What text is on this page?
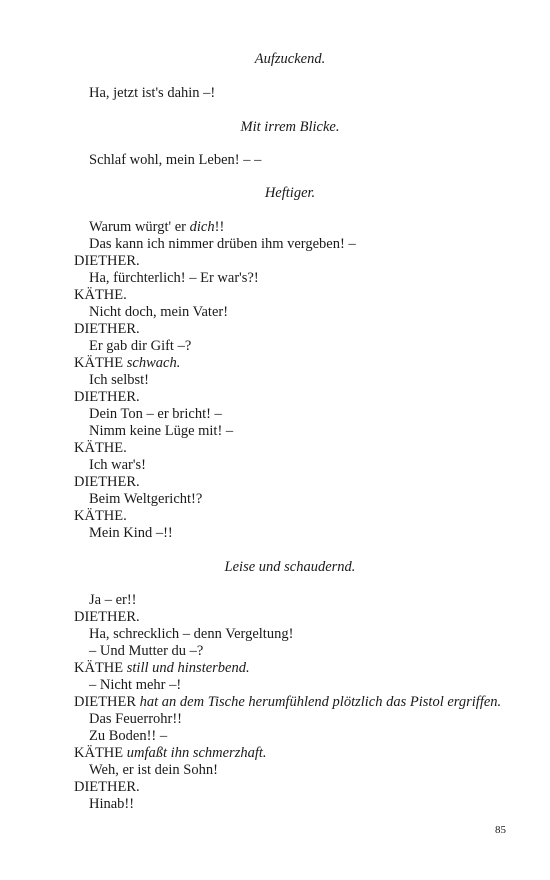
Aufzuckend.
Ha, jetzt ist's dahin –!
Mit irrem Blicke.
Schlaf wohl, mein Leben! – –
Heftiger.
Warum würgt' er dich!!
Das kann ich nimmer drüben ihm vergeben! –
DIETHER.
Ha, fürchterlich! – Er war's?!
KÄTHE.
Nicht doch, mein Vater!
DIETHER.
Er gab dir Gift –?
KÄTHE schwach.
Ich selbst!
DIETHER.
Dein Ton – er bricht! –
Nimm keine Lüge mit! –
KÄTHE.
Ich war's!
DIETHER.
Beim Weltgericht!?
KÄTHE.
Mein Kind –!!
Leise und schaudernd.
Ja – er!!
DIETHER.
Ha, schrecklich – denn Vergeltung!
– Und Mutter du –?
KÄTHE still und hinsterbend.
– Nicht mehr –!
DIETHER hat an dem Tische herumfühlend plötzlich das Pistol ergriffen.
Das Feuerrohr!!
Zu Boden!! –
KÄTHE umfaßt ihn schmerzhaft.
Weh, er ist dein Sohn!
DIETHER.
Hinab!!
85
